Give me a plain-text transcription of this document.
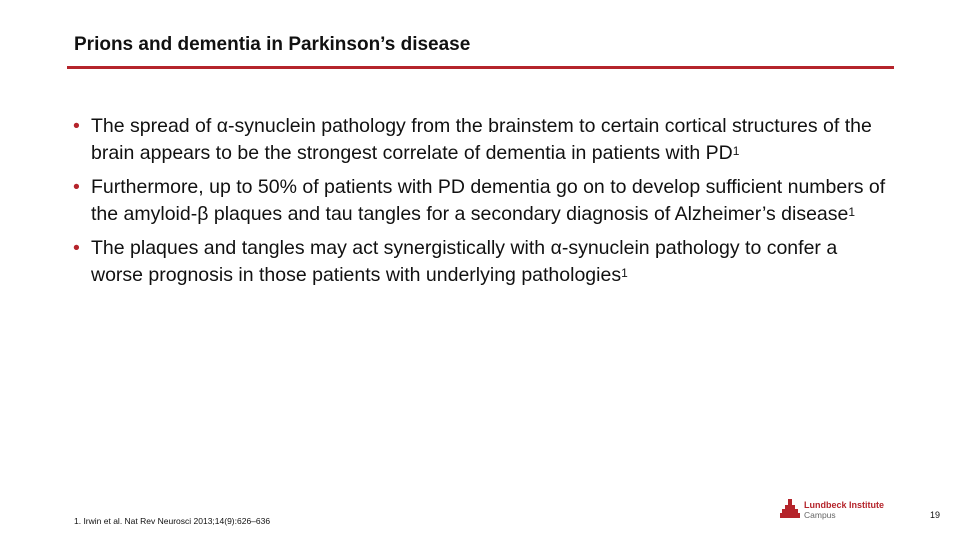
Prions and dementia in Parkinson’s disease
• The spread of α-synuclein pathology from the brainstem to certain cortical structures of the brain appears to be the strongest correlate of dementia in patients with $PD^1$
• Furthermore, up to 50% of patients with PD dementia go on to develop sufficient numbers of the amyloid-β plaques and tau tangles for a secondary diagnosis of Alzheimer’s disease$^1$
• The plaques and tangles may act synergistically with α-synuclein pathology to confer a worse prognosis in those patients with underlying pathologies$^1$

1. Irwin et al. Nat Rev Neurosci 2013;14(9):626–636

Lundbeck Institute
Campus	19
